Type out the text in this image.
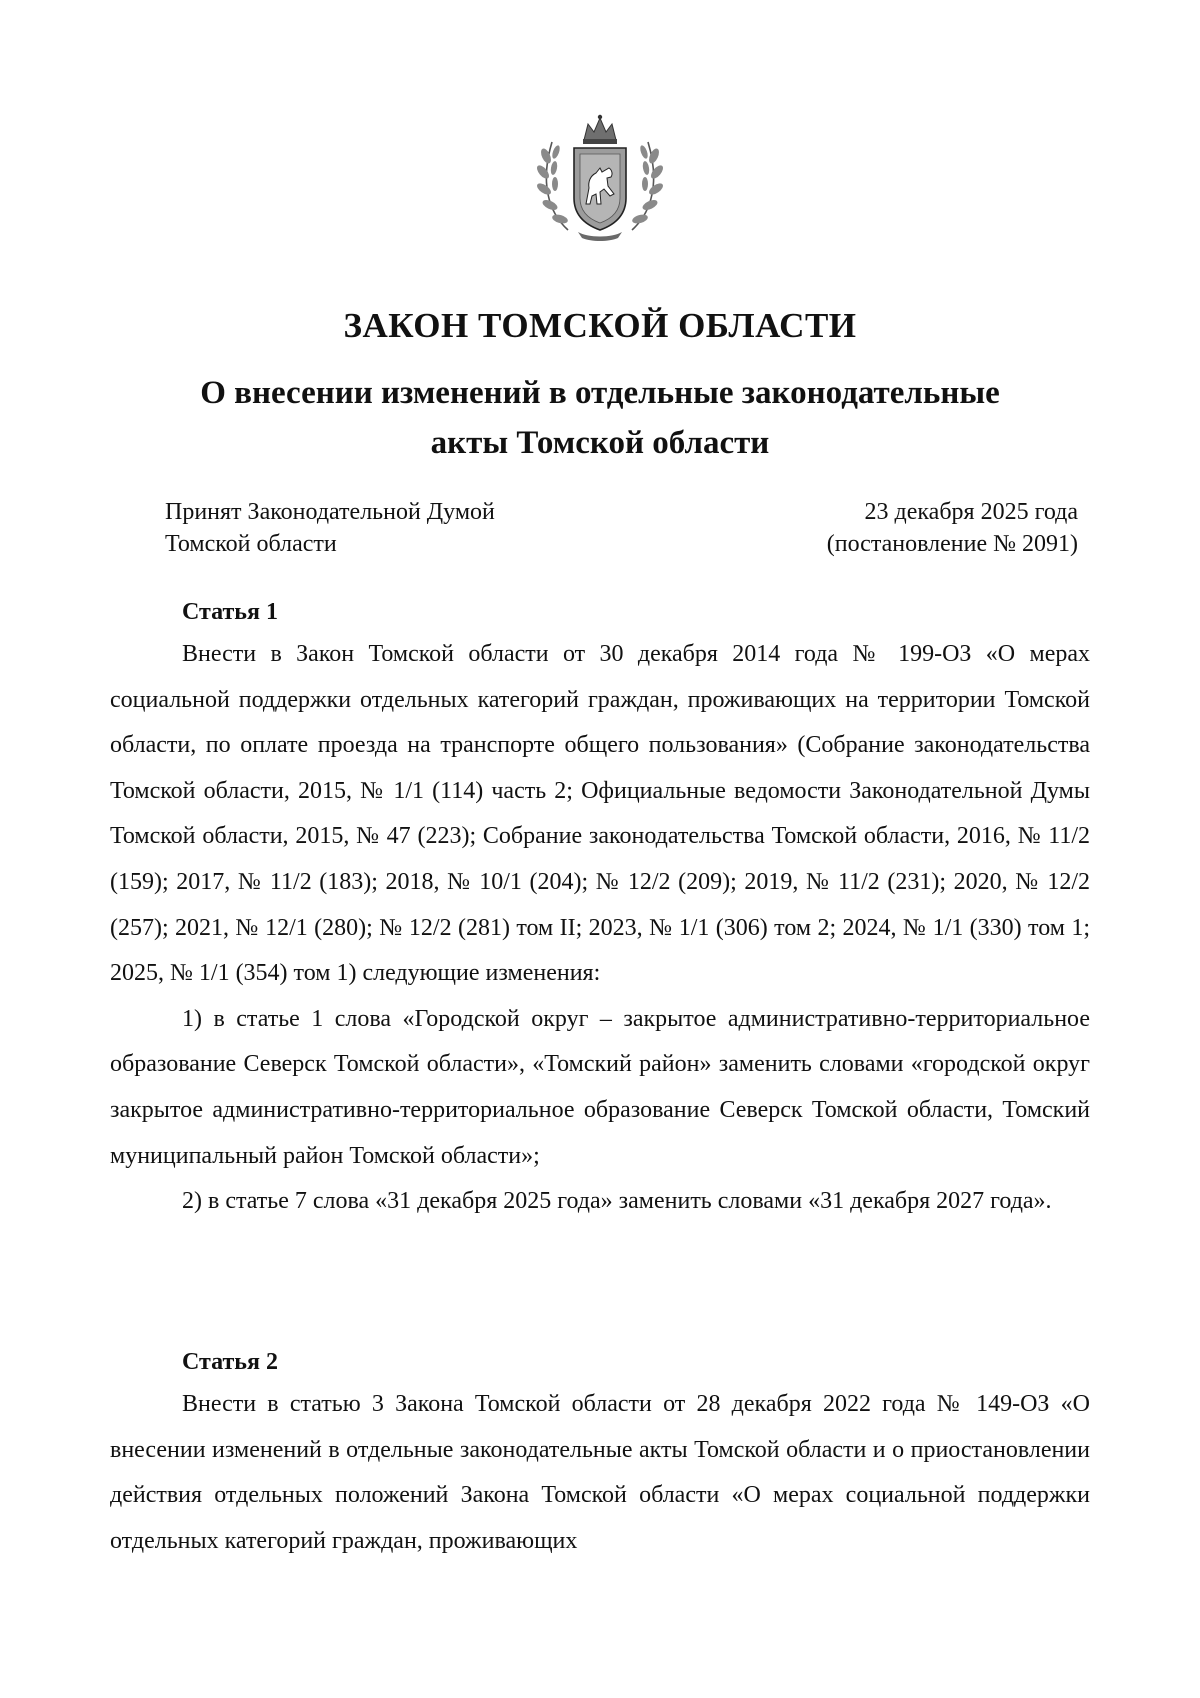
ЗАКОН ТОМСКОЙ ОБЛАСТИ
О внесении изменений в отдельные законодательные
акты Томской области
Принят Законодательной Думой
Томской области
23 декабря 2025 года
(постановление № 2091)
Статья 1

Внести в Закон Томской области от 30 декабря 2014 года № 199-ОЗ «О мерах социальной поддержки отдельных категорий граждан, проживающих на территории Томской области, по оплате проезда на транспорте общего пользования» (Собрание законодательства Томской области, 2015, № 1/1 (114) часть 2; Официальные ведомости Законодательной Думы Томской области, 2015, № 47 (223); Собрание законодательства Томской области, 2016, № 11/2 (159); 2017, № 11/2 (183); 2018, № 10/1 (204); № 12/2 (209); 2019, № 11/2 (231); 2020, № 12/2 (257); 2021, № 12/1 (280); № 12/2 (281) том II; 2023, № 1/1 (306) том 2; 2024, № 1/1 (330) том 1; 2025, № 1/1 (354) том 1) следующие изменения:

1) в статье 1 слова «Городской округ – закрытое административно-территориальное образование Северск Томской области», «Томский район» заменить словами «городской округ закрытое административно-территориальное образование Северск Томской области, Томский муниципальный район Томской области»;

2) в статье 7 слова «31 декабря 2025 года» заменить словами «31 декабря 2027 года».

Статья 2

Внести в статью 3 Закона Томской области от 28 декабря 2022 года № 149-ОЗ «О внесении изменений в отдельные законодательные акты Томской области и о приостановлении действия отдельных положений Закона Томской области «О мерах социальной поддержки отдельных категорий граждан, проживающих
